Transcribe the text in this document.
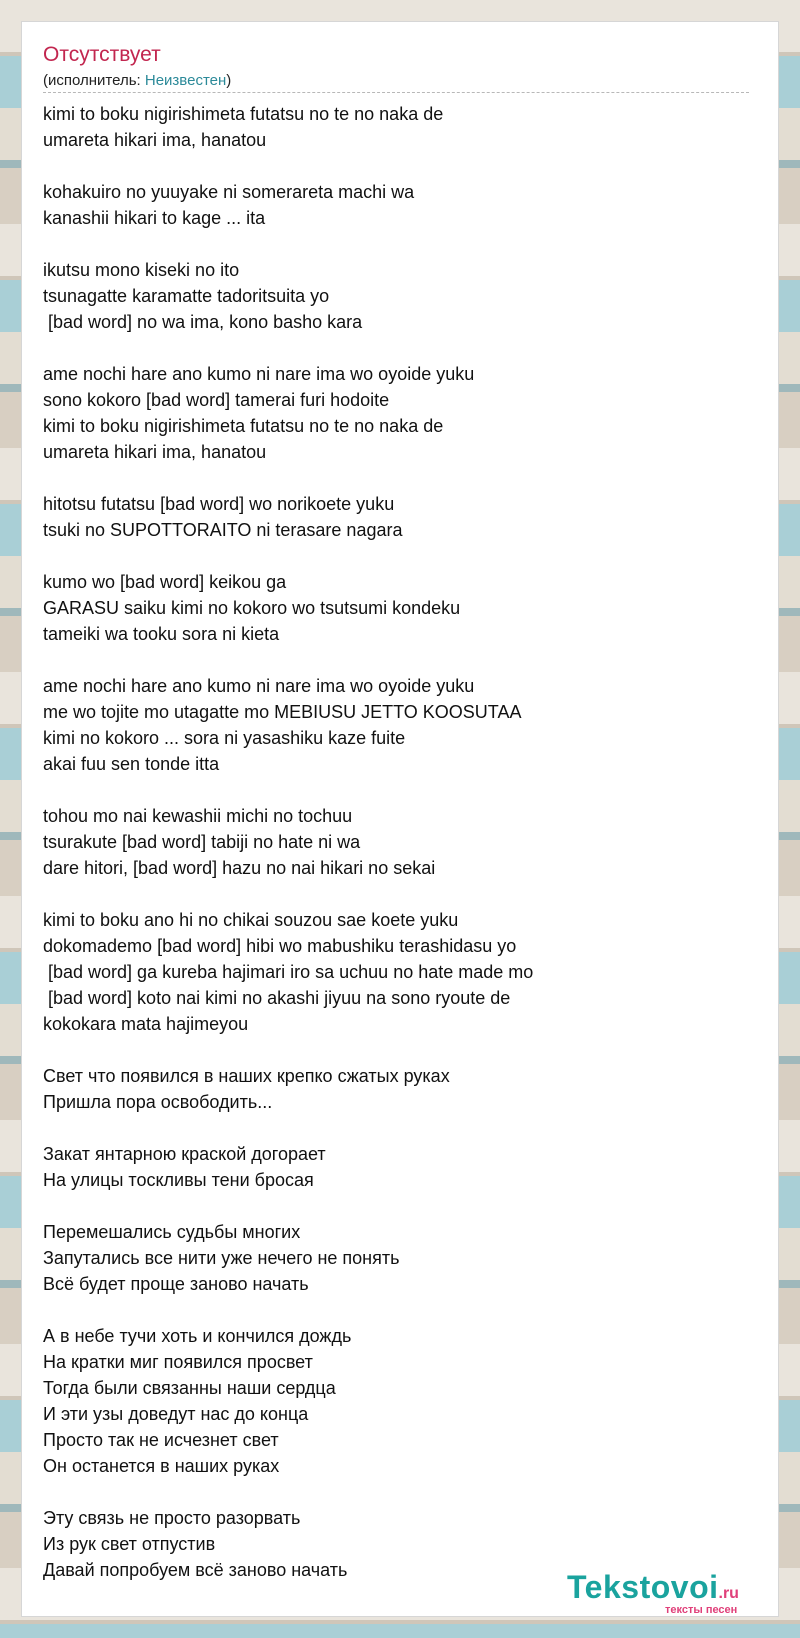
Отсутствует
(исполнитель: Неизвестен)
kimi to boku nigirishimeta futatsu no te no naka de
umareta hikari ima, hanatou
kohakuiro no yuuyake ni somerareta machi wa
kanashii hikari to kage ... ita
ikutsu mono kiseki no ito
tsunagatte karamatte tadoritsuita yo
[bad word] no wa ima, kono basho kara
ame nochi hare ano kumo ni nare ima wo oyoide yuku
sono kokoro [bad word] tamerai furi hodoite
kimi to boku nigirishimeta futatsu no te no naka de
umareta hikari ima, hanatou
hitotsu futatsu [bad word] wo norikoete yuku
tsuki no SUPOTTORAITO ni terasare nagara
kumo wo [bad word] keikou ga
GARASU saiku kimi no kokoro wo tsutsumi kondeku
tameiki wa tooku sora ni kieta
ame nochi hare ano kumo ni nare ima wo oyoide yuku
me wo tojite mo utagatte mo MEBIUSU JETTO KOOSUTAA
kimi no kokoro ... sora ni yasashiku kaze fuite
akai fuu sen tonde itta
tohou mo nai kewashii michi no tochuu
tsurakute [bad word] tabiji no hate ni wa
dare hitori, [bad word] hazu no nai hikari no sekai
kimi to boku ano hi no chikai souzou sae koete yuku
dokomademo [bad word] hibi wo mabushiku terashidasu yo
[bad word] ga kureba hajimari iro sa uchuu no hate made mo
[bad word] koto nai kimi no akashi jiyuu na sono ryoute de
kokokara mata hajimeyou
Свет что появился в наших крепко сжатых руках
Пришла пора освободить...
Закат янтарною краской догорает
На улицы тоскливы тени бросая
Перемешались судьбы многих
Запутались все нити уже нечего не понять
Всё будет проще заново начать
А в небе тучи хоть и кончился дождь
На кратки миг появился просвет
Тогда были связанны наши сердца
И эти узы доведут нас до конца
Просто так не исчезнет свет
Он останется в наших руках
Эту связь не просто разорвать
Из рук свет отпустив
Давай попробуем всё заново начать	Tekstovoi.ru
тексты песен
